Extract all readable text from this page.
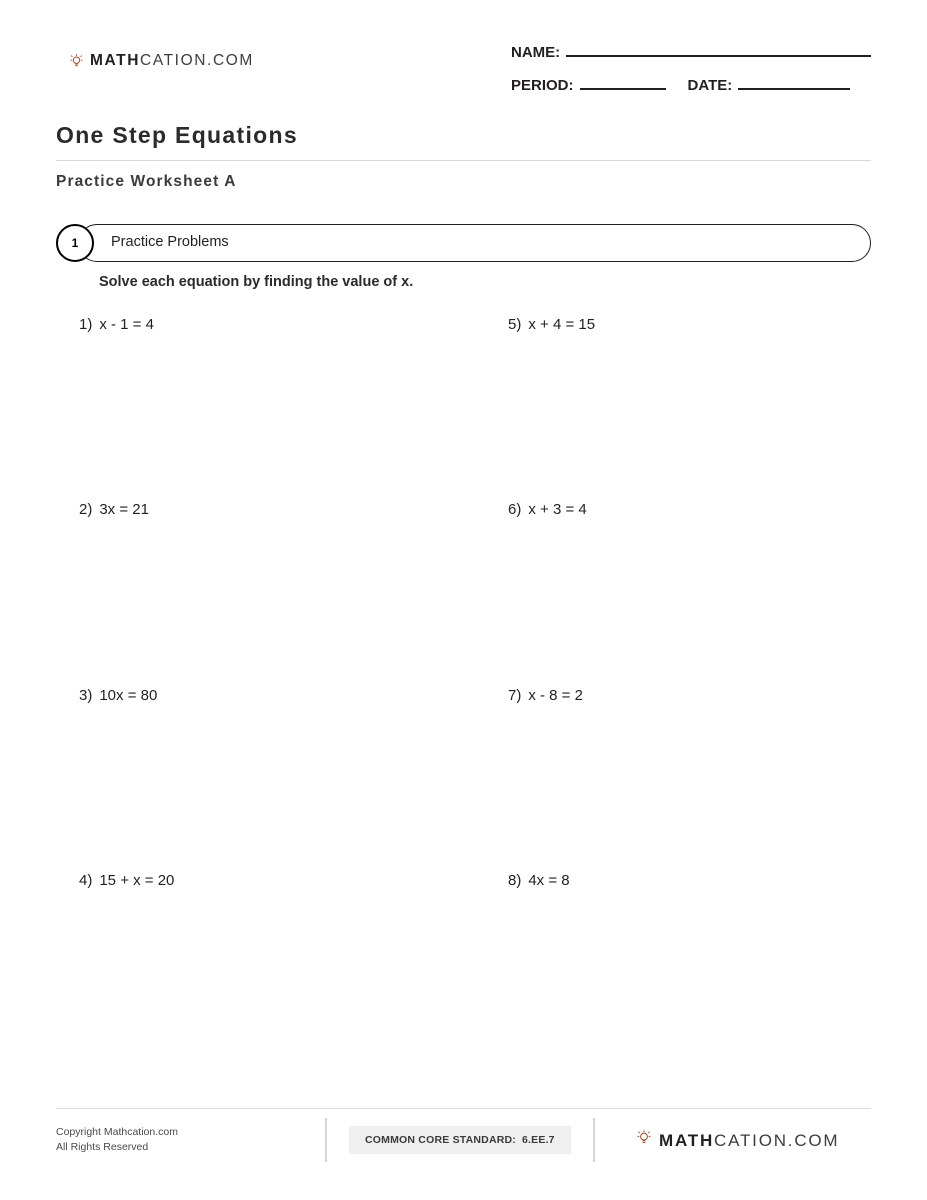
MATHCATION.COM	NAME:
PERIOD:	DATE:
One Step Equations
Practice Worksheet A
Practice Problems
1
Solve each equation by finding the value of x.
1) x - 1 = 4
2) 3x = 21
3) 10x = 80
4) 15 + x = 20
5) x + 4 = 15
6) x + 3 = 4
7) x - 8 = 2
8) 4x = 8
Copyright Mathcation.com
All Rights Reserved
COMMON CORE STANDARD: 6.EE.7	MATHCATION.COM
